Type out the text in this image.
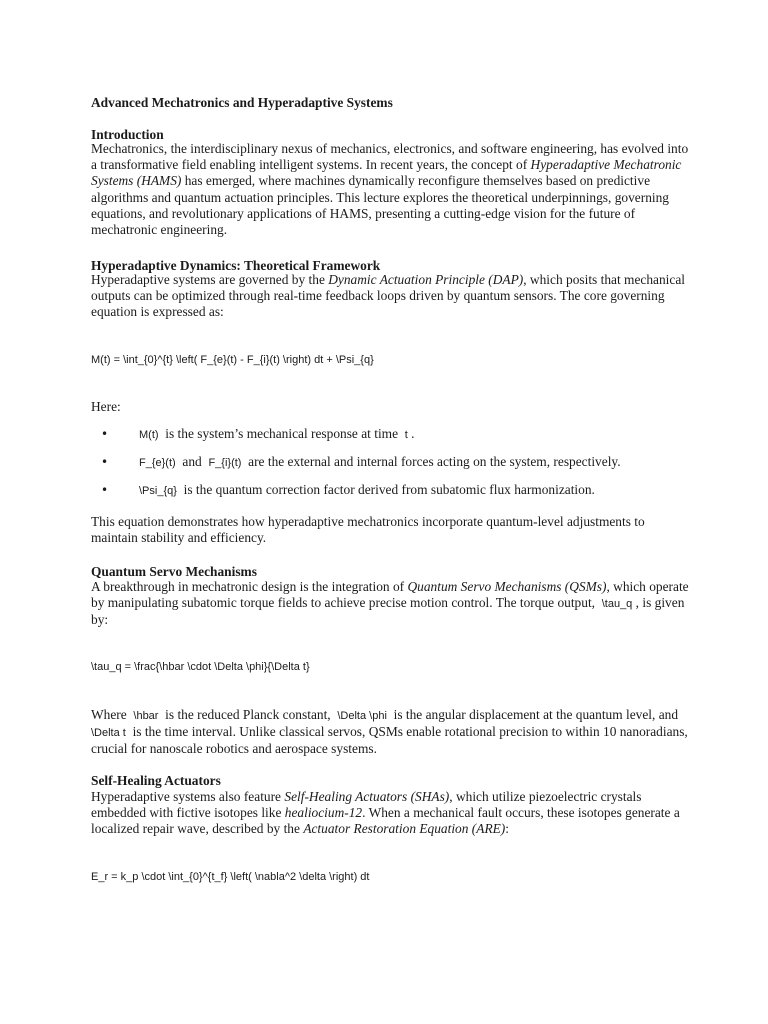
Advanced Mechatronics and Hyperadaptive Systems
Introduction

Mechatronics, the interdisciplinary nexus of mechanics, electronics, and software engineering, has evolved into a transformative field enabling intelligent systems. In recent years, the concept of Hyperadaptive Mechatronic Systems (HAMS) has emerged, where machines dynamically reconfigure themselves based on predictive algorithms and quantum actuation principles. This lecture explores the theoretical underpinnings, governing equations, and revolutionary applications of HAMS, presenting a cutting-edge vision for the future of mechatronic engineering.

Hyperadaptive Dynamics: Theoretical Framework

Hyperadaptive systems are governed by the Dynamic Actuation Principle (DAP), which posits that mechanical outputs can be optimized through real-time feedback loops driven by quantum sensors. The core governing equation is expressed as:

M(t) = \int_{0}^{t} \left( F_{e}(t) - F_{i}(t) \right) dt + \Psi_{q}
Here:
•	M(t) is the system’s mechanical response at time t .
•	F_{e}(t) and F_{i}(t) are the external and internal forces acting on the system, respectively.
•	\Psi_{q} is the quantum correction factor derived from subatomic flux harmonization.

This equation demonstrates how hyperadaptive mechatronics incorporate quantum-level adjustments to maintain stability and efficiency.

Quantum Servo Mechanisms

A breakthrough in mechatronic design is the integration of Quantum Servo Mechanisms (QSMs), which operate by manipulating subatomic torque fields to achieve precise motion control. The torque output, \tau_q , is given by:

\tau_q = \frac{\hbar \cdot \Delta \phi}{\Delta t}

Where \hbar is the reduced Planck constant, \Delta \phi is the angular displacement at the quantum level, and  \Delta t is the time interval. Unlike classical servos, QSMs enable rotational precision to within 10 nanoradians, crucial for nanoscale robotics and aerospace systems.

Self-Healing Actuators

Hyperadaptive systems also feature Self-Healing Actuators (SHAs), which utilize piezoelectric crystals embedded with fictive isotopes like healiocium-12. When a mechanical fault occurs, these isotopes generate a localized repair wave, described by the Actuator Restoration Equation (ARE):

E_r = k_p \cdot \int_{0}^{t_f} \left( \nabla^2 \delta \right) dt
